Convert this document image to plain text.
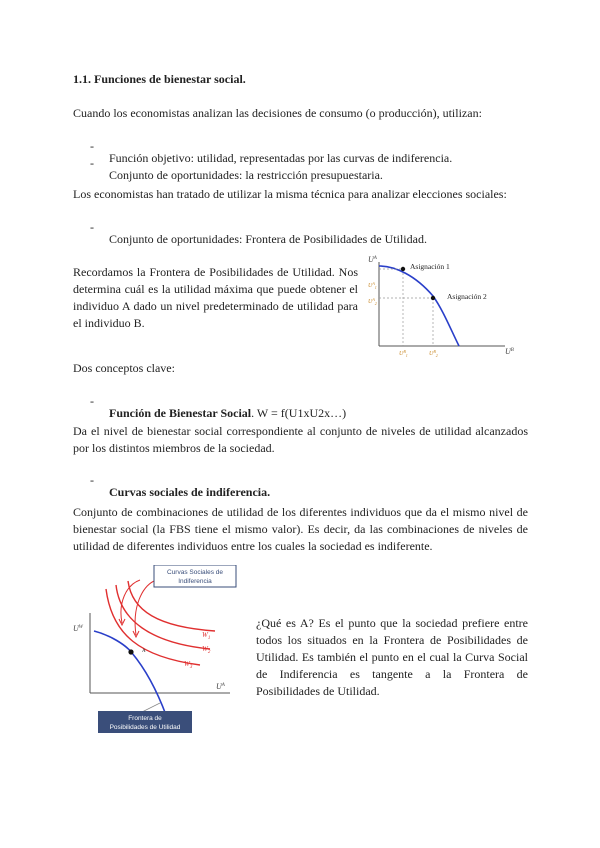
1.1. Funciones de bienestar social.

Cuando los economistas analizan las decisiones de consumo (o producción), utilizan:

-

Función objetivo: utilidad, representadas por las curvas de indiferencia.

-

Conjunto de oportunidades: la restricción presupuestaria.

Los economistas han tratado de utilizar la misma técnica para analizar elecciones sociales:

-

Conjunto de oportunidades: Frontera de Posibilidades de Utilidad.

Recordamos la Frontera de Posibilidades de Utilidad. Nos determina cuál es la utilidad máxima que puede obtener el individuo A dado un nivel predeterminado de utilidad para el individuo B.

$U^A$
$U^B$
Asignación 1
Asignación 2
$U^B_1$	$U^B_2$
$U^A_1$
$U^A_2$

Dos conceptos clave:

-

Función de Bienestar Social. W = f(U1xU2x…)

Da el nivel de bienestar social correspondiente al conjunto de niveles de utilidad alcanzados por los distintos miembros de la sociedad.

-

Curvas sociales de indiferencia.

Conjunto de combinaciones de utilidad de los diferentes individuos que da el mismo nivel de bienestar social (la FBS tiene el mismo valor). Es decir, da las combinaciones de niveles de utilidad de diferentes individuos entre los cuales la sociedad es indiferente.

$U^W$
$U^A$
A
$W_1$
$W_2$
$W_3$
Curvas Sociales de
Indiferencia
Frontera de
Posibilidades de Utilidad

¿Qué es A? Es el punto que la sociedad prefiere entre todos los situados en la Frontera de Posibilidades de Utilidad. Es también el punto en el cual la Curva Social de Indiferencia es tangente a la Frontera de Posibilidades de Utilidad.
